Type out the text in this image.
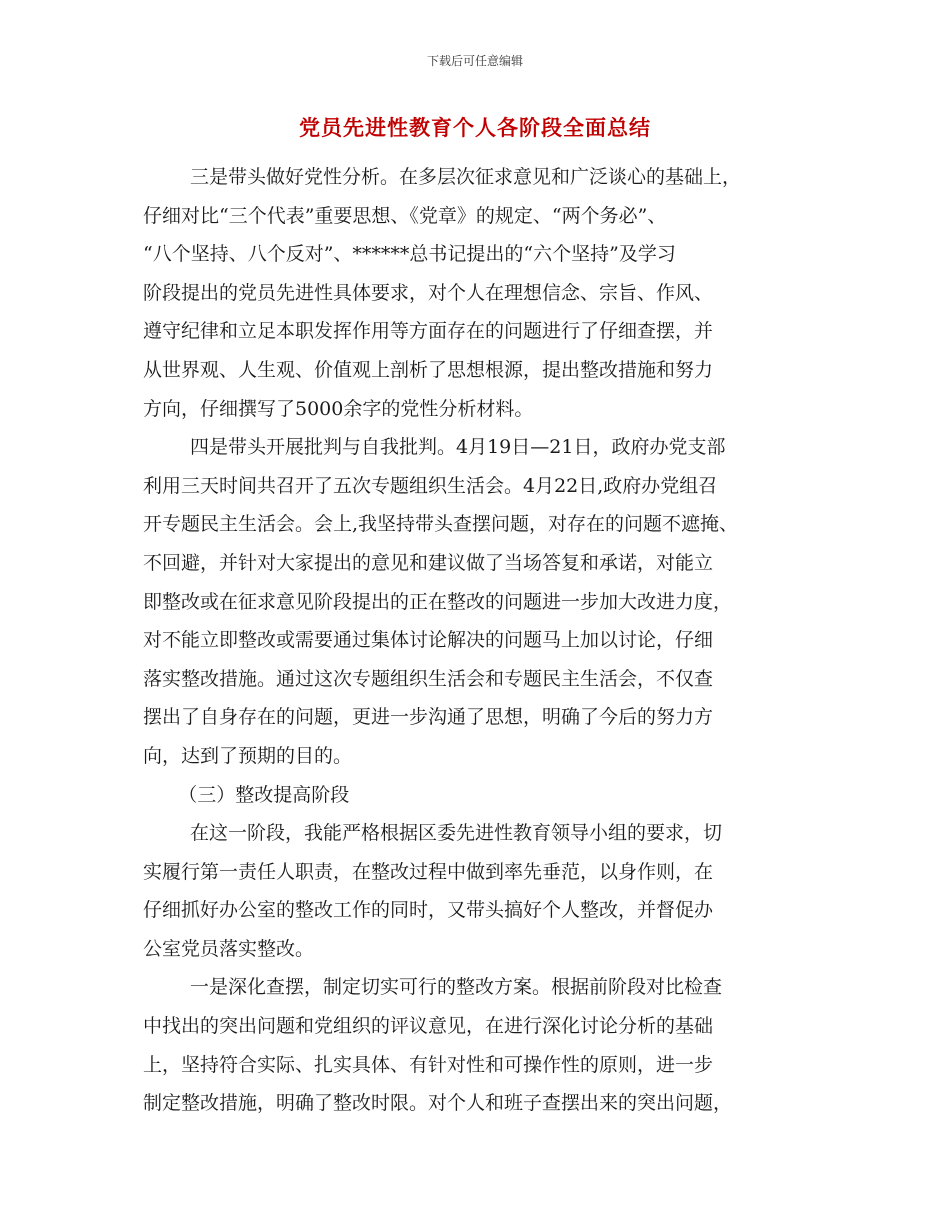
下载后可任意编辑
党员先进性教育个人各阶段全面总结
三是带头做好党性分析。在多层次征求意见和广泛谈心的基础上，
仔细对比“三个代表”重要思想、《党章》的规定、“两个务必”、
“八个坚持、八个反对”、******总书记提出的“六个坚持”及学习
阶段提出的党员先进性具体要求，对个人在理想信念、宗旨、作风、
遵守纪律和立足本职发挥作用等方面存在的问题进行了仔细查摆，并
从世界观、人生观、价值观上剖析了思想根源，提出整改措施和努力
方向，仔细撰写了5000余字的党性分析材料。
四是带头开展批判与自我批判。4月19日—21日，政府办党支部
利用三天时间共召开了五次专题组织生活会。4月22日,政府办党组召
开专题民主生活会。会上,我坚持带头查摆问题，对存在的问题不遮掩、
不回避，并针对大家提出的意见和建议做了当场答复和承诺，对能立
即整改或在征求意见阶段提出的正在整改的问题进一步加大改进力度，
对不能立即整改或需要通过集体讨论解决的问题马上加以讨论，仔细
落实整改措施。通过这次专题组织生活会和专题民主生活会，不仅查
摆出了自身存在的问题，更进一步沟通了思想，明确了今后的努力方
向，达到了预期的目的。
（三）整改提高阶段
在这一阶段，我能严格根据区委先进性教育领导小组的要求，切
实履行第一责任人职责，在整改过程中做到率先垂范，以身作则，在
仔细抓好办公室的整改工作的同时，又带头搞好个人整改，并督促办
公室党员落实整改。
一是深化查摆，制定切实可行的整改方案。根据前阶段对比检查
中找出的突出问题和党组织的评议意见，在进行深化讨论分析的基础
上，坚持符合实际、扎实具体、有针对性和可操作性的原则，进一步
制定整改措施，明确了整改时限。对个人和班子查摆出来的突出问题，
